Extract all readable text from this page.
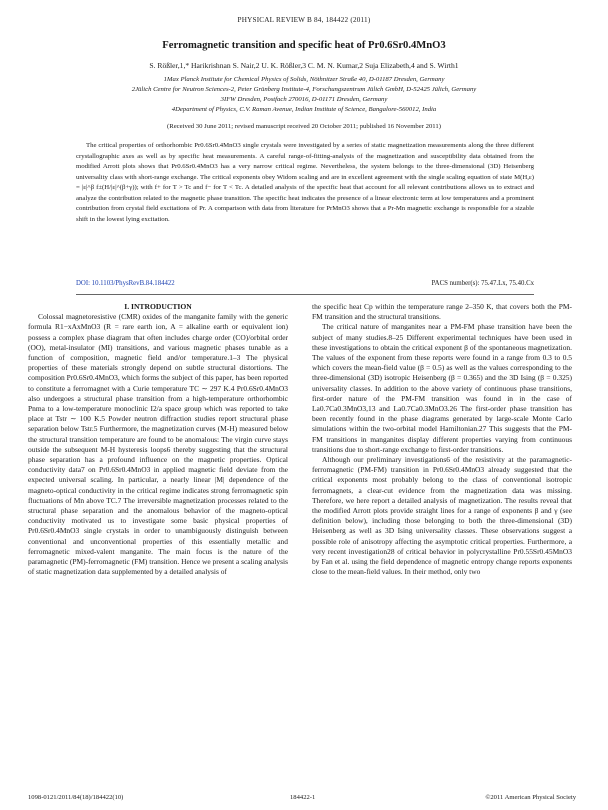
PHYSICAL REVIEW B 84, 184422 (2011)
Ferromagnetic transition and specific heat of Pr0.6Sr0.4MnO3
S. Rößler,1,* Harikrishnan S. Nair,2 U. K. Rößler,3 C. M. N. Kumar,2 Suja Elizabeth,4 and S. Wirth1
1Max Planck Institute for Chemical Physics of Solids, Nöthnitzer Straße 40, D-01187 Dresden, Germany
2Jülich Centre for Neutron Sciences-2, Peter Grünberg Institute-4, Forschungszentrum Jülich GmbH, D-52425 Jülich, Germany
3IFW Dresden, Postfach 270016, D-01171 Dresden, Germany
4Department of Physics, C.V. Raman Avenue, Indian Institute of Science, Bangalore-560012, India
(Received 30 June 2011; revised manuscript received 20 October 2011; published 16 November 2011)
The critical properties of orthorhombic Pr0.6Sr0.4MnO3 single crystals were investigated by a series of static magnetization measurements along the three different crystallographic axes as well as by specific heat measurements. A careful range-of-fitting-analysis of the magnetization and susceptibility data obtained from the modified Arrott plots shows that Pr0.6Sr0.4MnO3 has a very narrow critical regime. Nevertheless, the system belongs to the three-dimensional (3D) Heisenberg universality class with short-range exchange. The critical exponents obey Widom scaling and are in excellent agreement with the single scaling equation of state M(H,ε) = |ε|^β f±(H/|ε|^(β+γ)); with f+ for T > Tc and f− for T < Tc. A detailed analysis of the specific heat that account for all relevant contributions allows us to extract and analyze the contribution related to the magnetic phase transition. The specific heat indicates the presence of a linear electronic term at low temperatures and a prominent contribution from crystal field excitations of Pr. A comparison with data from literature for PrMnO3 shows that a Pr-Mn magnetic exchange is responsible for a sizable shift in the lowest lying excitation.
DOI: 10.1103/PhysRevB.84.184422	PACS number(s): 75.47.Lx, 75.40.Cx

I. INTRODUCTION

Colossal magnetoresistive (CMR) oxides of the manganite family with the generic formula R1−xAxMnO3 (R = rare earth ion, A = alkaline earth or equivalent ion) possess a complex phase diagram that often includes charge order (CO)/orbital order (OO), metal-insulator (MI) transitions, and various magnetic phases tunable as a function of composition, magnetic field and/or temperature.1–3 The physical properties of these materials strongly depend on subtle structural distortions. The composition Pr0.6Sr0.4MnO3, which forms the subject of this paper, has been reported to constitute a ferromagnet with a Curie temperature TC ∼ 297 K.4 Pr0.6Sr0.4MnO3 also undergoes a structural phase transition from a high-temperature orthorhombic Pnma to a low-temperature monoclinic I2/a space group which was reported to take place at Tstr ∼ 100 K.5 Powder neutron diffraction studies report structural phase separation below Tstr.5 Furthermore, the magnetization curves (M-H) measured below the structural transition temperature are found to be anomalous: The virgin curve stays outside the subsequent M-H hysteresis loops6 thereby suggesting that the structural phase separation has a profound influence on the magnetic properties. Optical conductivity data7 on Pr0.6Sr0.4MnO3 in applied magnetic field deviate from the expected universal scaling. In particular, a nearly linear |M| dependence of the magneto-optical conductivity in the critical regime indicates strong ferromagnetic spin fluctuations of Mn above TC.7 The irreversible magnetization processes related to the structural phase separation and the anomalous behavior of the magneto-optical conductivity motivated us to investigate some basic physical properties of Pr0.6Sr0.4MnO3 single crystals in order to unambiguously distinguish between conventional and unconventional properties of this essentially metallic and ferromagnetic mixed-valent manganite. The main focus is the nature of the paramagnetic (PM)-ferromagnetic (FM) transition. Hence we present a scaling analysis of static magnetization data supplemented by a detailed analysis of

the specific heat Cp within the temperature range 2–350 K, that covers both the PM-FM transition and the structural transitions.

The critical nature of manganites near a PM-FM phase transition have been the subject of many studies.8–25 Different experimental techniques have been used in these investigations to obtain the critical exponent β of the spontaneous magnetization. The values of the exponent from these reports were found in a range from 0.3 to 0.5 which covers the mean-field value (β = 0.5) as well as the values corresponding to the three-dimensional (3D) isotropic Heisenberg (β = 0.365) and the 3D Ising (β = 0.325) universality classes. In addition to the above variety of continuous phase transitions, first-order nature of the PM-FM transition was found in in the case of La0.7Ca0.3MnO3,13 and La0.7Ca0.3MnO3.26 The first-order phase transition has been recently found in the phase diagrams generated by large-scale Monte Carlo simulations within the two-orbital model Hamiltonian.27 This suggests that the PM-FM transitions in manganites display different properties varying from continuous transitions due to short-range exchange to first-order transitions.

Although our preliminary investigations6 of the resistivity at the paramagnetic-ferromagnetic (PM-FM) transition in Pr0.6Sr0.4MnO3 already suggested that the critical exponents most probably belong to the class of conventional isotropic ferromagnets, a clear-cut evidence from the magnetization data was missing. Therefore, we here report a detailed analysis of magnetization. The results reveal that the modified Arrott plots provide straight lines for a range of exponents β and γ (see definition below), including those belonging to both the three-dimensional (3D) Heisenberg as well as 3D Ising universality classes. These observations suggest a possible role of anisotropy affecting the asymptotic critical properties. Furthermore, a very recent investigation28 of critical behavior in polycrystalline Pr0.55Sr0.45MnO3 by Fan et al. using the field dependence of magnetic entropy change reports exponents close to the mean-field values. In their method, only two

1098-0121/2011/84(18)/184422(10)	184422-1	©2011 American Physical Society
